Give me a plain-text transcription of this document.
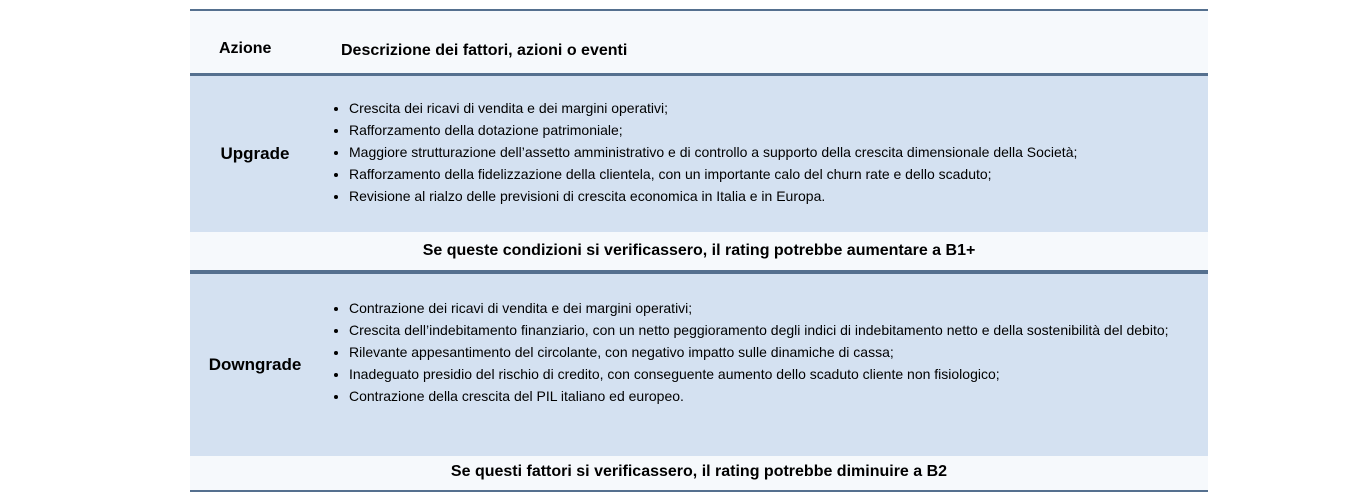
Azione	Descrizione dei fattori, azioni o eventi
Upgrade
• Crescita dei ricavi di vendita e dei margini operativi;
• Rafforzamento della dotazione patrimoniale;
• Maggiore strutturazione dell’assetto amministrativo e di controllo a supporto della crescita dimensionale della Società;
• Rafforzamento della fidelizzazione della clientela, con un importante calo del churn rate e dello scaduto;
• Revisione al rialzo delle previsioni di crescita economica in Italia e in Europa.
Se queste condizioni si verificassero, il rating potrebbe aumentare a B1+
Downgrade
• Contrazione dei ricavi di vendita e dei margini operativi;
• Crescita dell’indebitamento finanziario, con un netto peggioramento degli indici di indebitamento netto e della sostenibilità del debito;
• Rilevante appesantimento del circolante, con negativo impatto sulle dinamiche di cassa;
• Inadeguato presidio del rischio di credito, con conseguente aumento dello scaduto cliente non fisiologico;
• Contrazione della crescita del PIL italiano ed europeo.
Se questi fattori si verificassero, il rating potrebbe diminuire a B2
